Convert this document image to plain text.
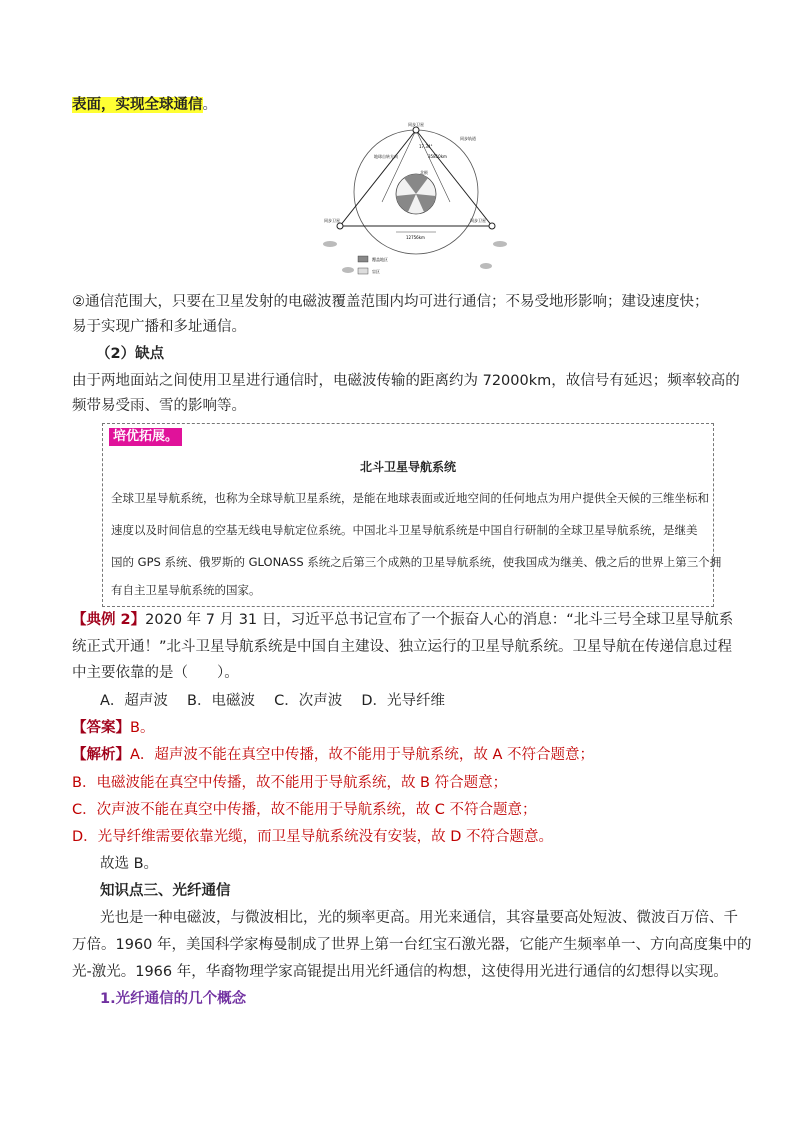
表面，实现全球通信。
同步卫星
同步轨道
17.34°
地球自转方向	35810km
同步卫星	同步卫星
12756km
北极
覆盖地区
盲区
②通信范围大，只要在卫星发射的电磁波覆盖范围内均可进行通信；不易受地形影响；建设速度快；
易于实现广播和多址通信。
（2）缺点
由于两地面站之间使用卫星进行通信时，电磁波传输的距离约为 72000km，故信号有延迟；频率较高的
频带易受雨、雪的影响等。
培优拓展。
北斗卫星导航系统
全球卫星导航系统，也称为全球导航卫星系统，是能在地球表面或近地空间的任何地点为用户提供全天候的三维坐标和
速度以及时间信息的空基无线电导航定位系统。中国北斗卫星导航系统是中国自行研制的全球卫星导航系统，是继美
国的 GPS 系统、俄罗斯的 GLONASS 系统之后第三个成熟的卫星导航系统，使我国成为继美、俄之后的世界上第三个拥
有自主卫星导航系统的国家。
【典例 2】2020 年 7 月 31 日，习近平总书记宣布了一个振奋人心的消息：“北斗三号全球卫星导航系
统正式开通！”北斗卫星导航系统是中国自主建设、独立运行的卫星导航系统。卫星导航在传递信息过程
中主要依靠的是（　　）。
A．超声波　 B．电磁波　 C．次声波　 D．光导纤维
【答案】B。
【解析】A．超声波不能在真空中传播，故不能用于导航系统，故 A 不符合题意；
B．电磁波能在真空中传播，故不能用于导航系统，故 B 符合题意；
C．次声波不能在真空中传播，故不能用于导航系统，故 C 不符合题意；
D．光导纤维需要依靠光缆，而卫星导航系统没有安装，故 D 不符合题意。
故选 B。
知识点三、光纤通信
光也是一种电磁波，与微波相比，光的频率更高。用光来通信，其容量要高处短波、微波百万倍、千
万倍。1960 年，美国科学家梅曼制成了世界上第一台红宝石激光器，它能产生频率单一、方向高度集中的
光-激光。1966 年，华裔物理学家高锟提出用光纤通信的构想，这使得用光进行通信的幻想得以实现。
1.光纤通信的几个概念
